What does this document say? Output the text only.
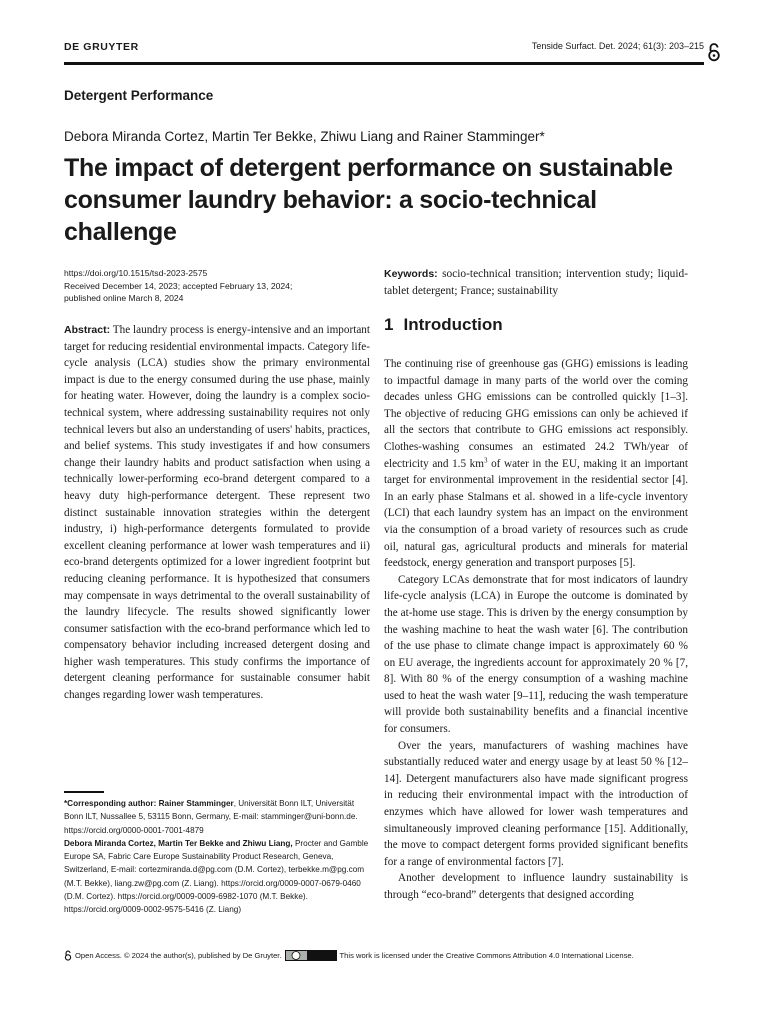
DE GRUYTER	Tenside Surfact. Det. 2024; 61(3): 203–215
Detergent Performance
Debora Miranda Cortez, Martin Ter Bekke, Zhiwu Liang and Rainer Stamminger*
The impact of detergent performance on sustainable consumer laundry behavior: a socio-technical challenge
https://doi.org/10.1515/tsd-2023-2575
Received December 14, 2023; accepted February 13, 2024;
published online March 8, 2024
Keywords: socio-technical transition; intervention study; liquid-tablet detergent; France; sustainability

Abstract: The laundry process is energy-intensive and an important target for reducing residential environmental impacts. Category life-cycle analysis (LCA) studies show the primary environmental impact is due to the energy consumed during the use phase, mainly for heating water. However, doing the laundry is a complex socio-technical system, where addressing sustainability requires not only technical levers but also an understanding of users' habits, practices, and belief systems. This study investigates if and how consumers change their laundry habits and product satisfaction when using a technically lower-performing eco-brand detergent compared to a heavy duty high-performance detergent. These represent two distinct sustainable innovation strategies within the detergent industry, i) high-performance detergents formulated to provide excellent cleaning performance at lower wash temperatures and ii) eco-brand detergents optimized for a lower ingredient footprint but reducing cleaning performance. It is hypothesized that consumers may compensate in ways detrimental to the overall sustainability of the laundry lifecycle. The results showed significantly lower consumer satisfaction with the eco-brand performance which led to compensatory behavior including increased detergent dosing and higher wash temperatures. This study confirms the importance of detergent cleaning performance for sustainable consumer habit changes regarding lower wash temperatures.

*Corresponding author: Rainer Stamminger, Universität Bonn ILT, Universität Bonn ILT, Nussallee 5, 53115 Bonn, Germany, E-mail: stamminger@uni-bonn.de. https://orcid.org/0000-0001-7001-4879
Debora Miranda Cortez, Martin Ter Bekke and Zhiwu Liang, Procter and Gamble Europe SA, Fabric Care Europe Sustainability Product Research, Geneva, Switzerland, E-mail: cortezmiranda.d@pg.com (D.M. Cortez), terbekke.m@pg.com (M.T. Bekke), liang.zw@pg.com (Z. Liang). https://orcid.org/0009-0007-0679-0460 (D.M. Cortez). https://orcid.org/0009-0009-6982-1070 (M.T. Bekke). https://orcid.org/0009-0002-9575-5416 (Z. Liang)
1 Introduction

The continuing rise of greenhouse gas (GHG) emissions is leading to impactful damage in many parts of the world over the coming decades unless GHG emissions can be controlled quickly [1–3]. The objective of reducing GHG emissions can only be achieved if all the sectors that contribute to GHG emissions act responsibly. Clothes-washing consumes an estimated 24.2 TWh/year of electricity and 1.5 $km^3$ of water in the EU, making it an important target for environmental improvement in the residential sector [4]. In an early phase Stalmans et al. showed in a life-cycle inventory (LCI) that each laundry system has an impact on the environment via the consumption of a broad variety of resources such as crude oil, natural gas, agricultural products and minerals for material feedstock, energy generation and transport purposes [5].

Category LCAs demonstrate that for most indicators of laundry life-cycle analysis (LCA) in Europe the outcome is dominated by the at-home use stage. This is driven by the energy consumption by the washing machine to heat the wash water [6]. The contribution of the use phase to climate change impact is approximately 60 % on EU average, the ingredients account for approximately 20 % [7, 8]. With 80 % of the energy consumption of a washing machine used to heat the wash water [9–11], reducing the wash temperature will provide both sustainability benefits and a financial incentive for consumers.

Over the years, manufacturers of washing machines have substantially reduced water and energy usage by at least 50 % [12–14]. Detergent manufacturers also have made significant progress in reducing their environmental impact with the introduction of enzymes which have allowed for lower wash temperatures and simultaneously improved cleaning performance [15]. Additionally, the move to compact detergent forms provided significant benefits for a range of environmental factors [7].

Another development to influence laundry sustainability is through “eco-brand” detergents that designed according

Open Access. © 2024 the author(s), published by De Gruyter.	This work is licensed under the Creative Commons Attribution 4.0 International License.
